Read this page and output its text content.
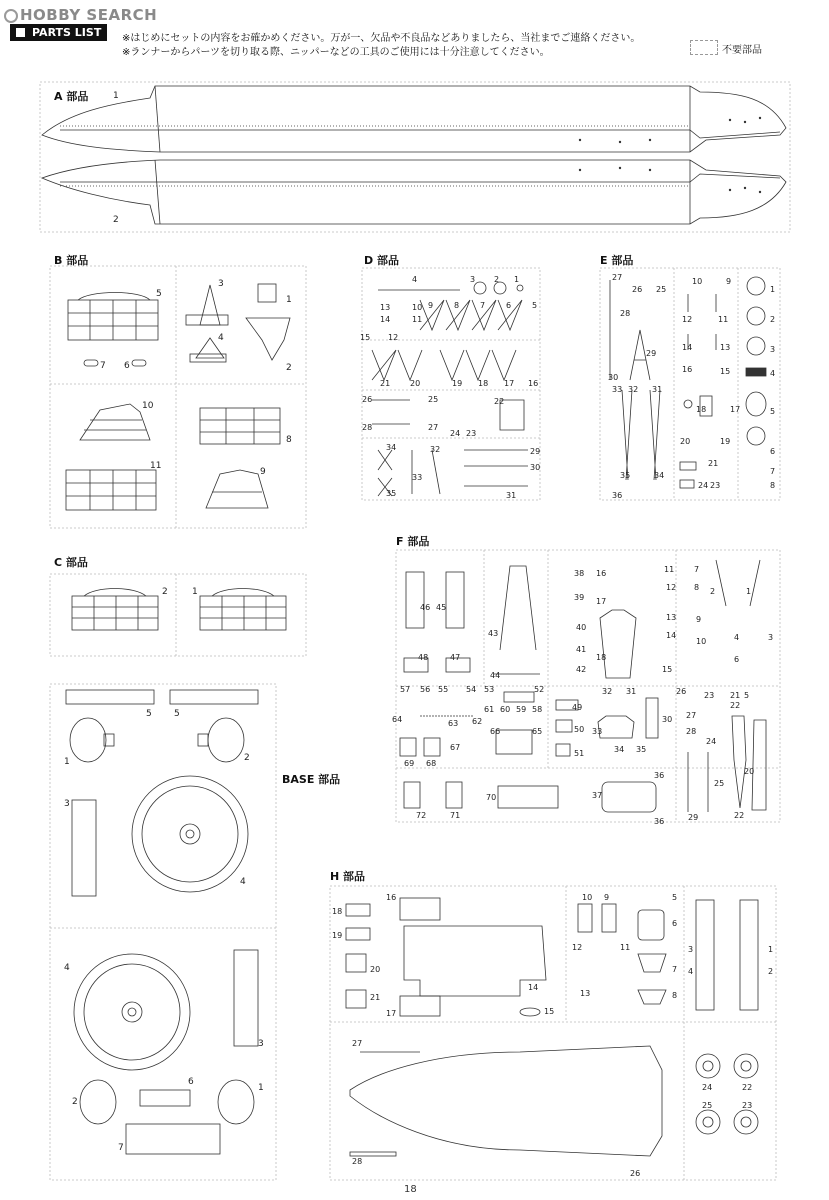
HOBBY SEARCH
PARTS LIST	※はじめにセットの内容をお確かめください。万が一、欠品や不良品などありましたら、当社までご連絡ください。
※ランナーからパーツを切り取る際、ニッパーなどの工具のご使用には十分注意してください。	不要部品
A 部品
B 部品
C 部品
D 部品	E 部品
F 部品
BASE 部品
H 部品
1
2
5
3
4
1
2
7 6
10
11
8
9
2	1
5 5
1	2
3
4
4
3
2
6
1
7
4	3 2 1
13
14
10
11
15 12
9	8	7	6	5
21 20	19 18 17 16
26	25
28	27
24 23
22
34	32
35
33
29
30
31
27
26 25
28
29
30
33 32 31
35	34
36
10	9
1
12	11	2
14	13	3
16	15	4
18	17	5
20	19
6
21
7
24 23	8
46 45
43
44
48	47
57 56 55 54 53	52
64	63 62
61 60 59 58	49
50
51
65
66
67
69 68
70
72	71
38
39
40
41
42
16
17
18
15
11
12
13
14
7
8
9
10
2	1
4	3
6
5
32 31	26 23 21
22
33
30 27
28
24
34 35
36
37
36	29
25
22
20
16
18
19
20
21
17
14
15
10 9
12	11
13
5
6
7
8
3	1
4	2
27
28
26
24	22
25	23
18
